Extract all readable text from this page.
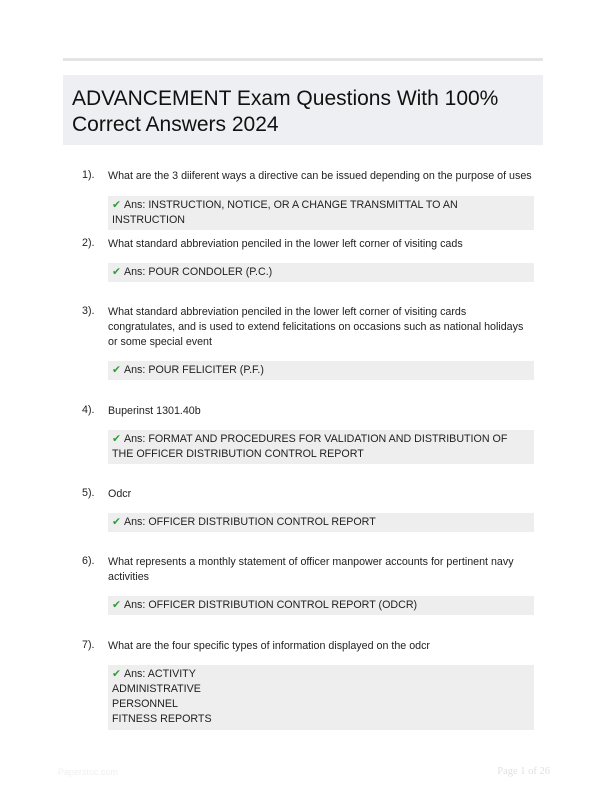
ADVANCEMENT Exam Questions With 100%
Correct Answers 2024
1). What are the 3 diiferent ways a directive can be issued depending on the purpose of uses
✔ Ans: INSTRUCTION, NOTICE, OR A CHANGE TRANSMITTAL TO AN INSTRUCTION
2). What standard abbreviation penciled in the lower left corner of visiting cads
✔ Ans: POUR CONDOLER (P.C.)
3). What standard abbreviation penciled in the lower left corner of visiting cards congratulates, and is used to extend felicitations on occasions such as national holidays or some special event
✔ Ans: POUR FELICITER (P.F.)
4). Buperinst 1301.40b
✔ Ans: FORMAT AND PROCEDURES FOR VALIDATION AND DISTRIBUTION OF THE OFFICER DISTRIBUTION CONTROL REPORT
5). Odcr
✔ Ans: OFFICER DISTRIBUTION CONTROL REPORT
6). What represents a monthly statement of officer manpower accounts for pertinent navy activities
✔ Ans: OFFICER DISTRIBUTION CONTROL REPORT (ODCR)
7). What are the four specific types of information displayed on the odcr
✔ Ans: ACTIVITY
ADMINISTRATIVE
PERSONNEL
FITNESS REPORTS
Paperstoc.com	Page 1 of 26
